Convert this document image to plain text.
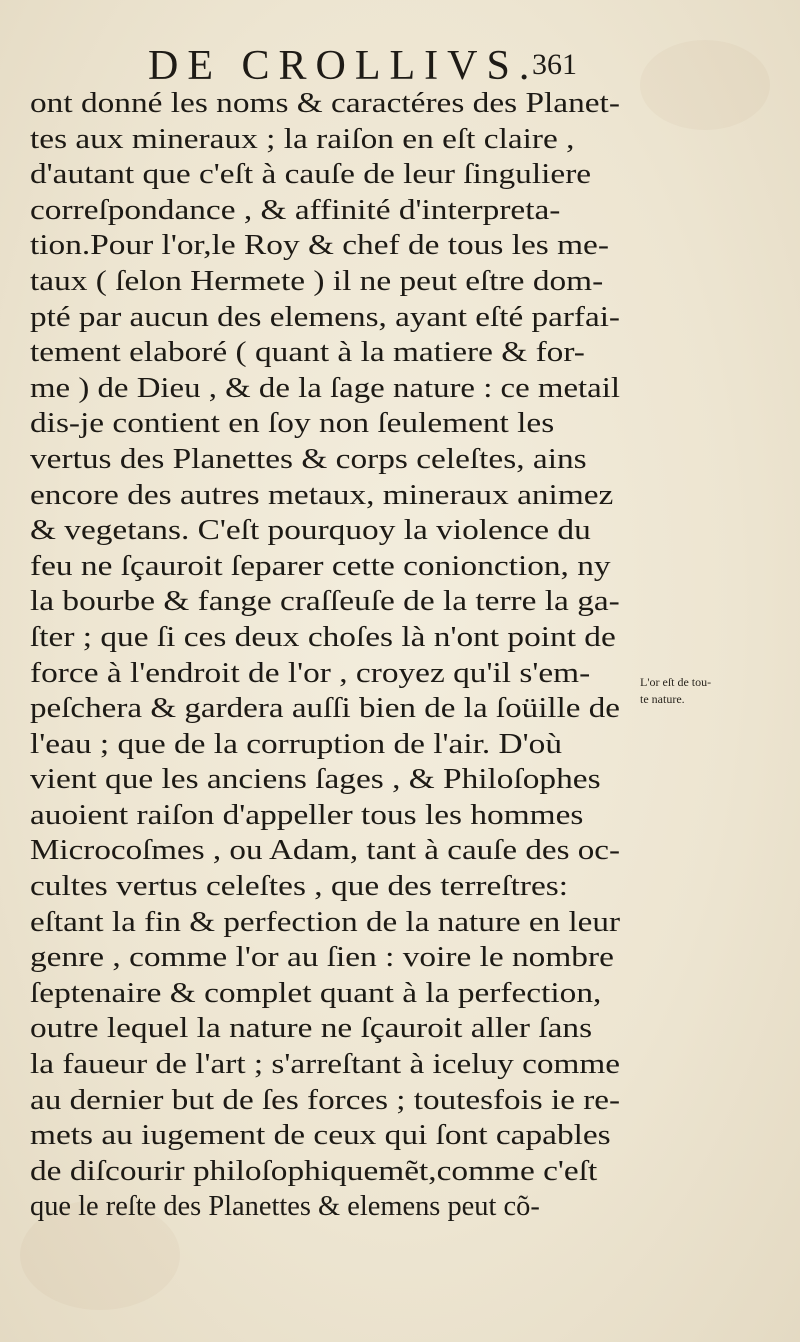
DE CROLLIVS.
361
ont donné les noms & caractéres des Planet-
tes aux mineraux ; la raiſon en eſt claire ,
d'autant que c'eſt à cauſe de leur ſinguliere
correſpondance , & affinité d'interpreta-
tion.Pour l'or,le Roy & chef de tous les me-
taux ( ſelon Hermete ) il ne peut eſtre dom-
pté par aucun des elemens, ayant eſté parfai-
tement elaboré ( quant à la matiere & for-
me ) de Dieu , & de la ſage nature : ce metail
dis-je contient en ſoy non ſeulement les
vertus des Planettes & corps celeſtes, ains
encore des autres metaux, mineraux animez
& vegetans. C'eſt pourquoy la violence du
feu ne ſçauroit ſeparer cette conionction, ny
la bourbe & fange craſſeuſe de la terre la ga-
ſter ; que ſi ces deux choſes là n'ont point de
force à l'endroit de l'or , croyez qu'il s'em-
peſchera & gardera auſſi bien de la ſoüille de
l'eau ; que de la corruption de l'air. D'où
vient que les anciens ſages , & Philoſophes
auoient raiſon d'appeller tous les hommes
Microcoſmes , ou Adam, tant à cauſe des oc-
cultes vertus celeſtes , que des terreſtres:
eſtant la fin & perfection de la nature en leur
genre , comme l'or au ſien : voire le nombre
ſeptenaire & complet quant à la perfection,
outre lequel la nature ne ſçauroit aller ſans
la faueur de l'art ; s'arreſtant à iceluy comme
au dernier but de ſes forces ; toutesfois ie re-
mets au iugement de ceux qui ſont capables
de diſcourir philoſophiquemẽt,comme c'eſt
que le reſte des Planettes & elemens peut cõ-
L'or eſt de tou-
te nature.
